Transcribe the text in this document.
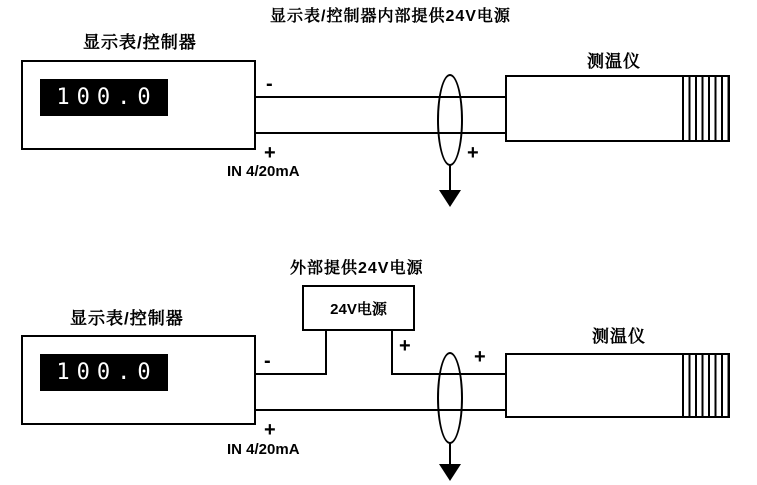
显示表/控制器内部提供24V电源
显示表/控制器
100.0
-
+
IN 4/20mA
+
测温仪
外部提供24V电源
24V电源
+
显示表/控制器
100.0	-
+
IN 4/20mA
+
测温仪
